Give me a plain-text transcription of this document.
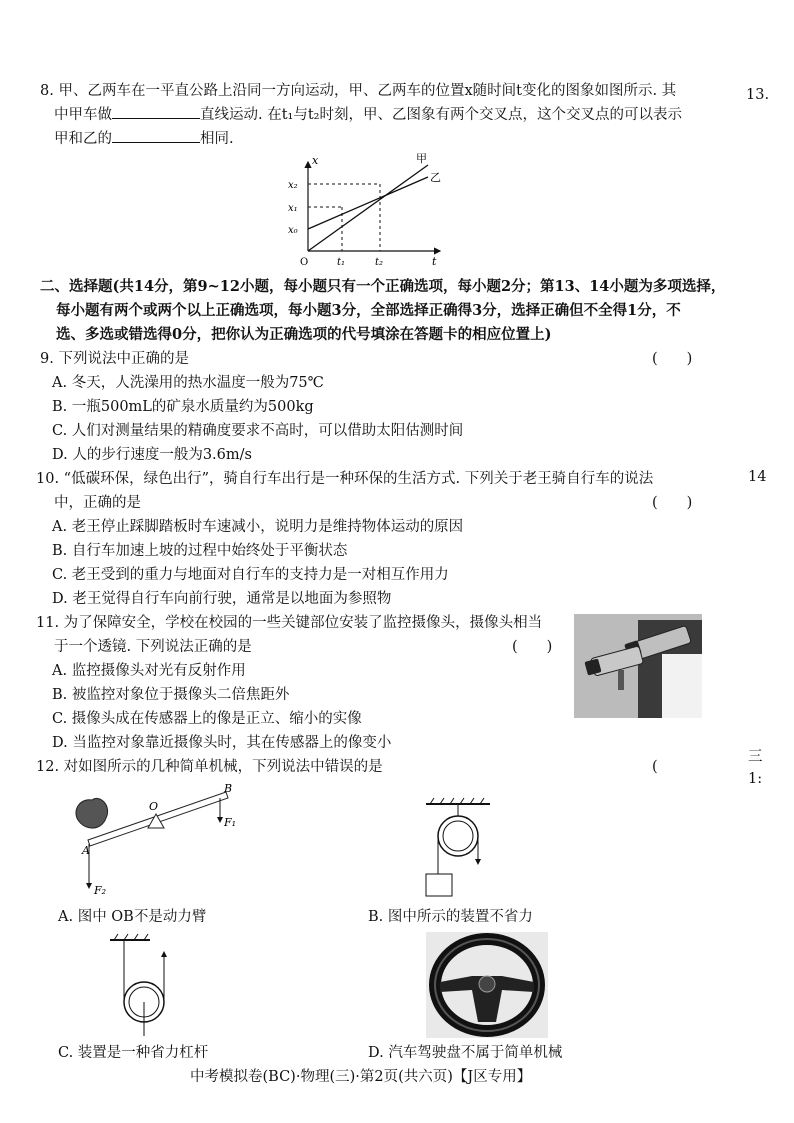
13.
14
三
1:
8. 甲、乙两车在一平直公路上沿同一方向运动，甲、乙两车的位置x随时间t变化的图象如图所示. 其
中甲车做	直线运动. 在t₁与t₂时刻，甲、乙图象有两个交叉点，这个交叉点的可以表示
甲和乙的	相同.
x
t
O
x₂
x₁
x₀
t₁	t₂
甲
乙
二、选择题(共14分，第9~12小题，每小题只有一个正确选项，每小题2分；第13、14小题为多项选择，
每小题有两个或两个以上正确选项，每小题3分，全部选择正确得3分，选择正确但不全得1分，不
选、多选或错选得0分，把你认为正确选项的代号填涂在答题卡的相应位置上)
9. 下列说法中正确的是	(　　)
A. 冬天，人洗澡用的热水温度一般为75℃
B. 一瓶500mL的矿泉水质量约为500kg
C. 人们对测量结果的精确度要求不高时，可以借助太阳估测时间
D. 人的步行速度一般为3.6m/s
10. “低碳环保，绿色出行”，骑自行车出行是一种环保的生活方式. 下列关于老王骑自行车的说法
中，正确的是	(　　)
A. 老王停止踩脚踏板时车速减小，说明力是维持物体运动的原因
B. 自行车加速上坡的过程中始终处于平衡状态
C. 老王受到的重力与地面对自行车的支持力是一对相互作用力
D. 老王觉得自行车向前行驶，通常是以地面为参照物
11. 为了保障安全，学校在校园的一些关键部位安装了监控摄像头，摄像头相当
于一个透镜. 下列说法正确的是	(　　)
A. 监控摄像头对光有反射作用
B. 被监控对象位于摄像头二倍焦距外
C. 摄像头成在传感器上的像是正立、缩小的实像
D. 当监控对象靠近摄像头时，其在传感器上的像变小
12. 对如图所示的几种简单机械，下列说法中错误的是	(
O
A
B
F₁
F₂
A. 图中 OB不是动力臂	B. 图中所示的装置不省力
C. 装置是一种省力杠杆	D. 汽车驾驶盘不属于简单机械
中考模拟卷(BC)·物理(三)·第2页(共六页)【J区专用】
